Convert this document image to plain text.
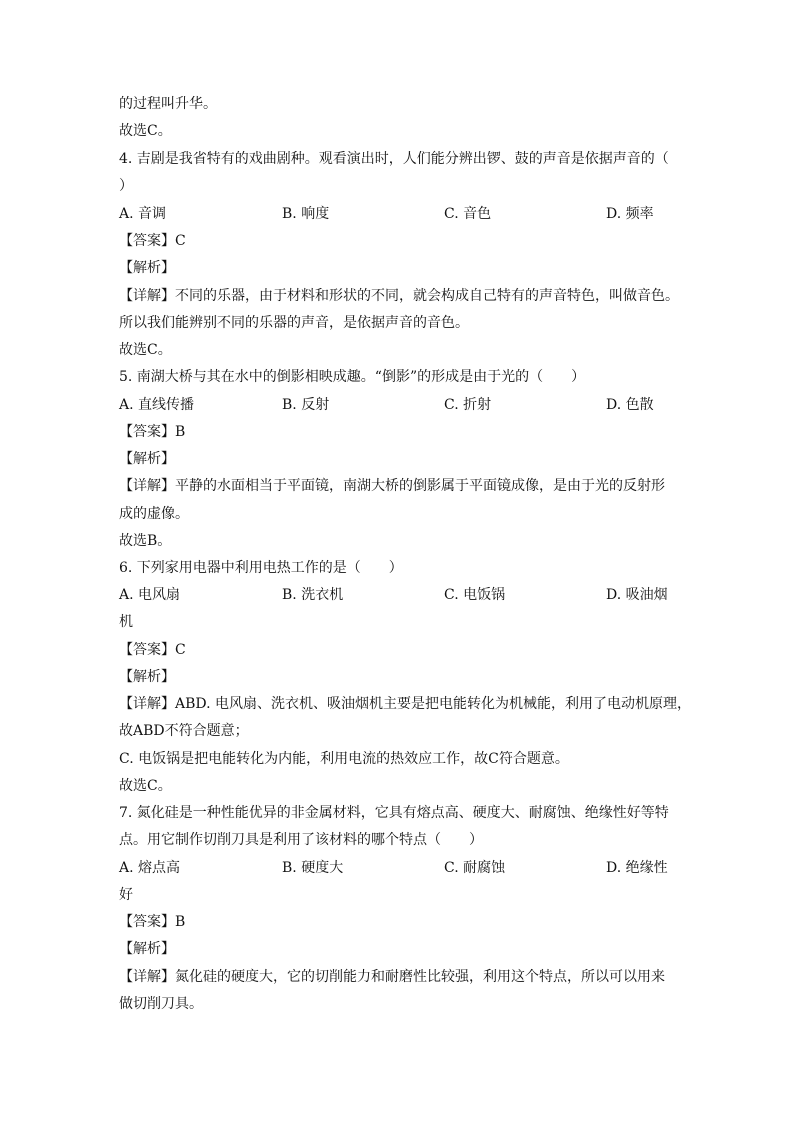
的过程叫升华。
故选C。
4. 吉剧是我省特有的戏曲剧种。观看演出时，人们能分辨出锣、鼓的声音是依据声音的（
）
A. 音调	B. 响度	C. 音色	D. 频率
【答案】C
【解析】
【详解】不同的乐器，由于材料和形状的不同，就会构成自己特有的声音特色，叫做音色。
所以我们能辨别不同的乐器的声音，是依据声音的音色。
故选C。
5. 南湖大桥与其在水中的倒影相映成趣。“倒影”的形成是由于光的（　　）
A. 直线传播	B. 反射	C. 折射	D. 色散
【答案】B
【解析】
【详解】平静的水面相当于平面镜，南湖大桥的倒影属于平面镜成像，是由于光的反射形
成的虚像。
故选B。
6. 下列家用电器中利用电热工作的是（　　）
A. 电风扇	B. 洗衣机	C. 电饭锅	D. 吸油烟
机
【答案】C
【解析】
【详解】ABD. 电风扇、洗衣机、吸油烟机主要是把电能转化为机械能，利用了电动机原理，
故ABD不符合题意；
C. 电饭锅是把电能转化为内能，利用电流的热效应工作，故C符合题意。
故选C。
7. 氮化硅是一种性能优异的非金属材料，它具有熔点高、硬度大、耐腐蚀、绝缘性好等特
点。用它制作切削刀具是利用了该材料的哪个特点（　　）
A. 熔点高	B. 硬度大	C. 耐腐蚀	D. 绝缘性
好
【答案】B
【解析】
【详解】氮化硅的硬度大，它的切削能力和耐磨性比较强，利用这个特点，所以可以用来
做切削刀具。
